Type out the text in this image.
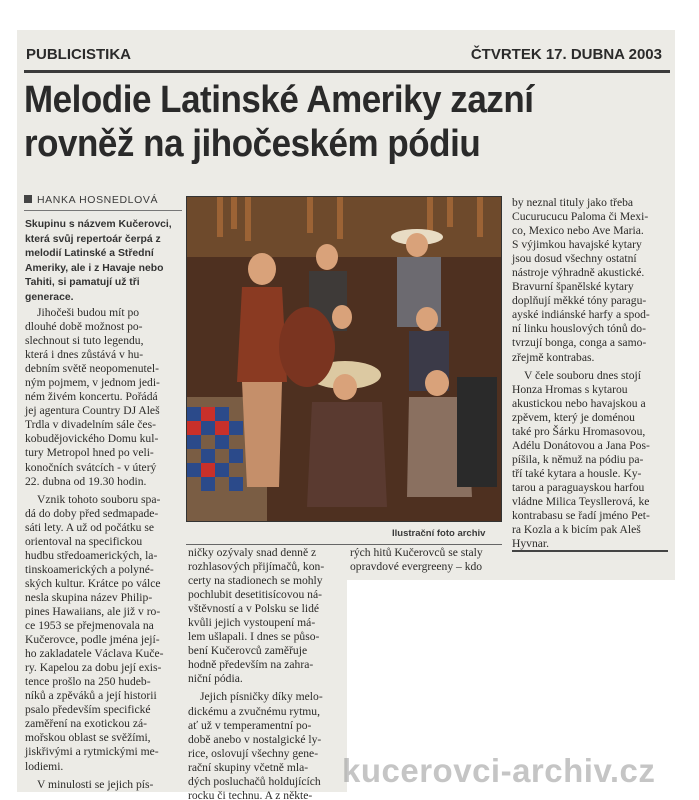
PUBLICISTIKA	ČTVRTEK 17. DUBNA 2003
Melodie Latinské Ameriky zazní
rovněž na jihočeském pódiu
HANKA HOSNEDLOVÁ
Skupinu s názvem Kučerovci,
která svůj repertoár čerpá z
melodií Latinské a Střední
Ameriky, ale i z Havaje nebo
Tahiti, si pamatují už tři
generace.
Jihočeši budou mít po
dlouhé době možnost po-
slechnout si tuto legendu,
která i dnes zůstává v hu-
debním světě neopomenutel-
ným pojmem, v jednom jedi-
ném živém koncertu. Pořádá
jej agentura Country DJ Aleš
Trdla v divadelním sále čes-
kobudějovického Domu kul-
tury Metropol hned po veli-
konočních svátcích - v úterý
22. dubna od 19.30 hodin.
Vznik tohoto souboru spa-
dá do doby před sedmapade-
sáti lety. A už od počátku se
orientoval na specifickou
hudbu středoamerických, la-
tinskoamerických a polyné-
ských kultur. Krátce po válce
nesla skupina název Philip-
pines Hawaiians, ale již v ro-
ce 1953 se přejmenovala na
Kučerovce, podle jména její-
ho zakladatele Václava Kuče-
ry. Kapelou za dobu její exis-
tence prošlo na 250 hudeb-
níků a zpěváků a její historii
psalo především specifické
zaměření na exotickou zá-
mořskou oblast se svěžími,
jiskřivými a rytmickými me-
lodiemi.
V minulosti se jejich pís-
Ilustrační foto archiv
ničky ozývaly snad denně z
rozhlasových přijímačů, kon-
certy na stadionech se mohly
pochlubit desetitisícovou ná-
vštěvností a v Polsku se lidé
kvůli jejich vystoupení má-
lem ušlapali. I dnes se půso-
bení Kučerovců zaměřuje
hodně především na zahra-
niční pódia.
Jejich písničky díky melo-
dickému a zvučnému rytmu,
ať už v temperamentní po-
době anebo v nostalgické ly-
rice, oslovují všechny gene-
rační skupiny včetně mla-
dých posluchačů holdujících
rocku či technu. A z někte-
rých hitů Kučerovců se staly
opravdové evergreeny – kdo
by neznal tituly jako třeba
Cucurucucu Paloma či Mexi-
co, Mexico nebo Ave Maria.
S výjimkou havajské kytary
jsou dosud všechny ostatní
nástroje výhradně akustické.
Bravurní španělské kytary
doplňují měkké tóny paragu-
ayské indiánské harfy a spod-
ní linku houslových tónů do-
tvrzují bonga, conga a samo-
zřejmě kontrabas.
V čele souboru dnes stojí
Honza Hromas s kytarou
akustickou nebo havajskou a
zpěvem, který je doménou
také pro Šárku Hromasovou,
Adélu Donátovou a Jana Pos-
píšila, k němuž na pódiu pa-
tří také kytara a housle. Ky-
tarou a paraguayskou harfou
vládne Milica Teysllerová, ke
kontrabasu se řadí jméno Pet-
ra Kozla a k bicím pak Aleš
Hyvnar.
kucerovci-archiv.cz
